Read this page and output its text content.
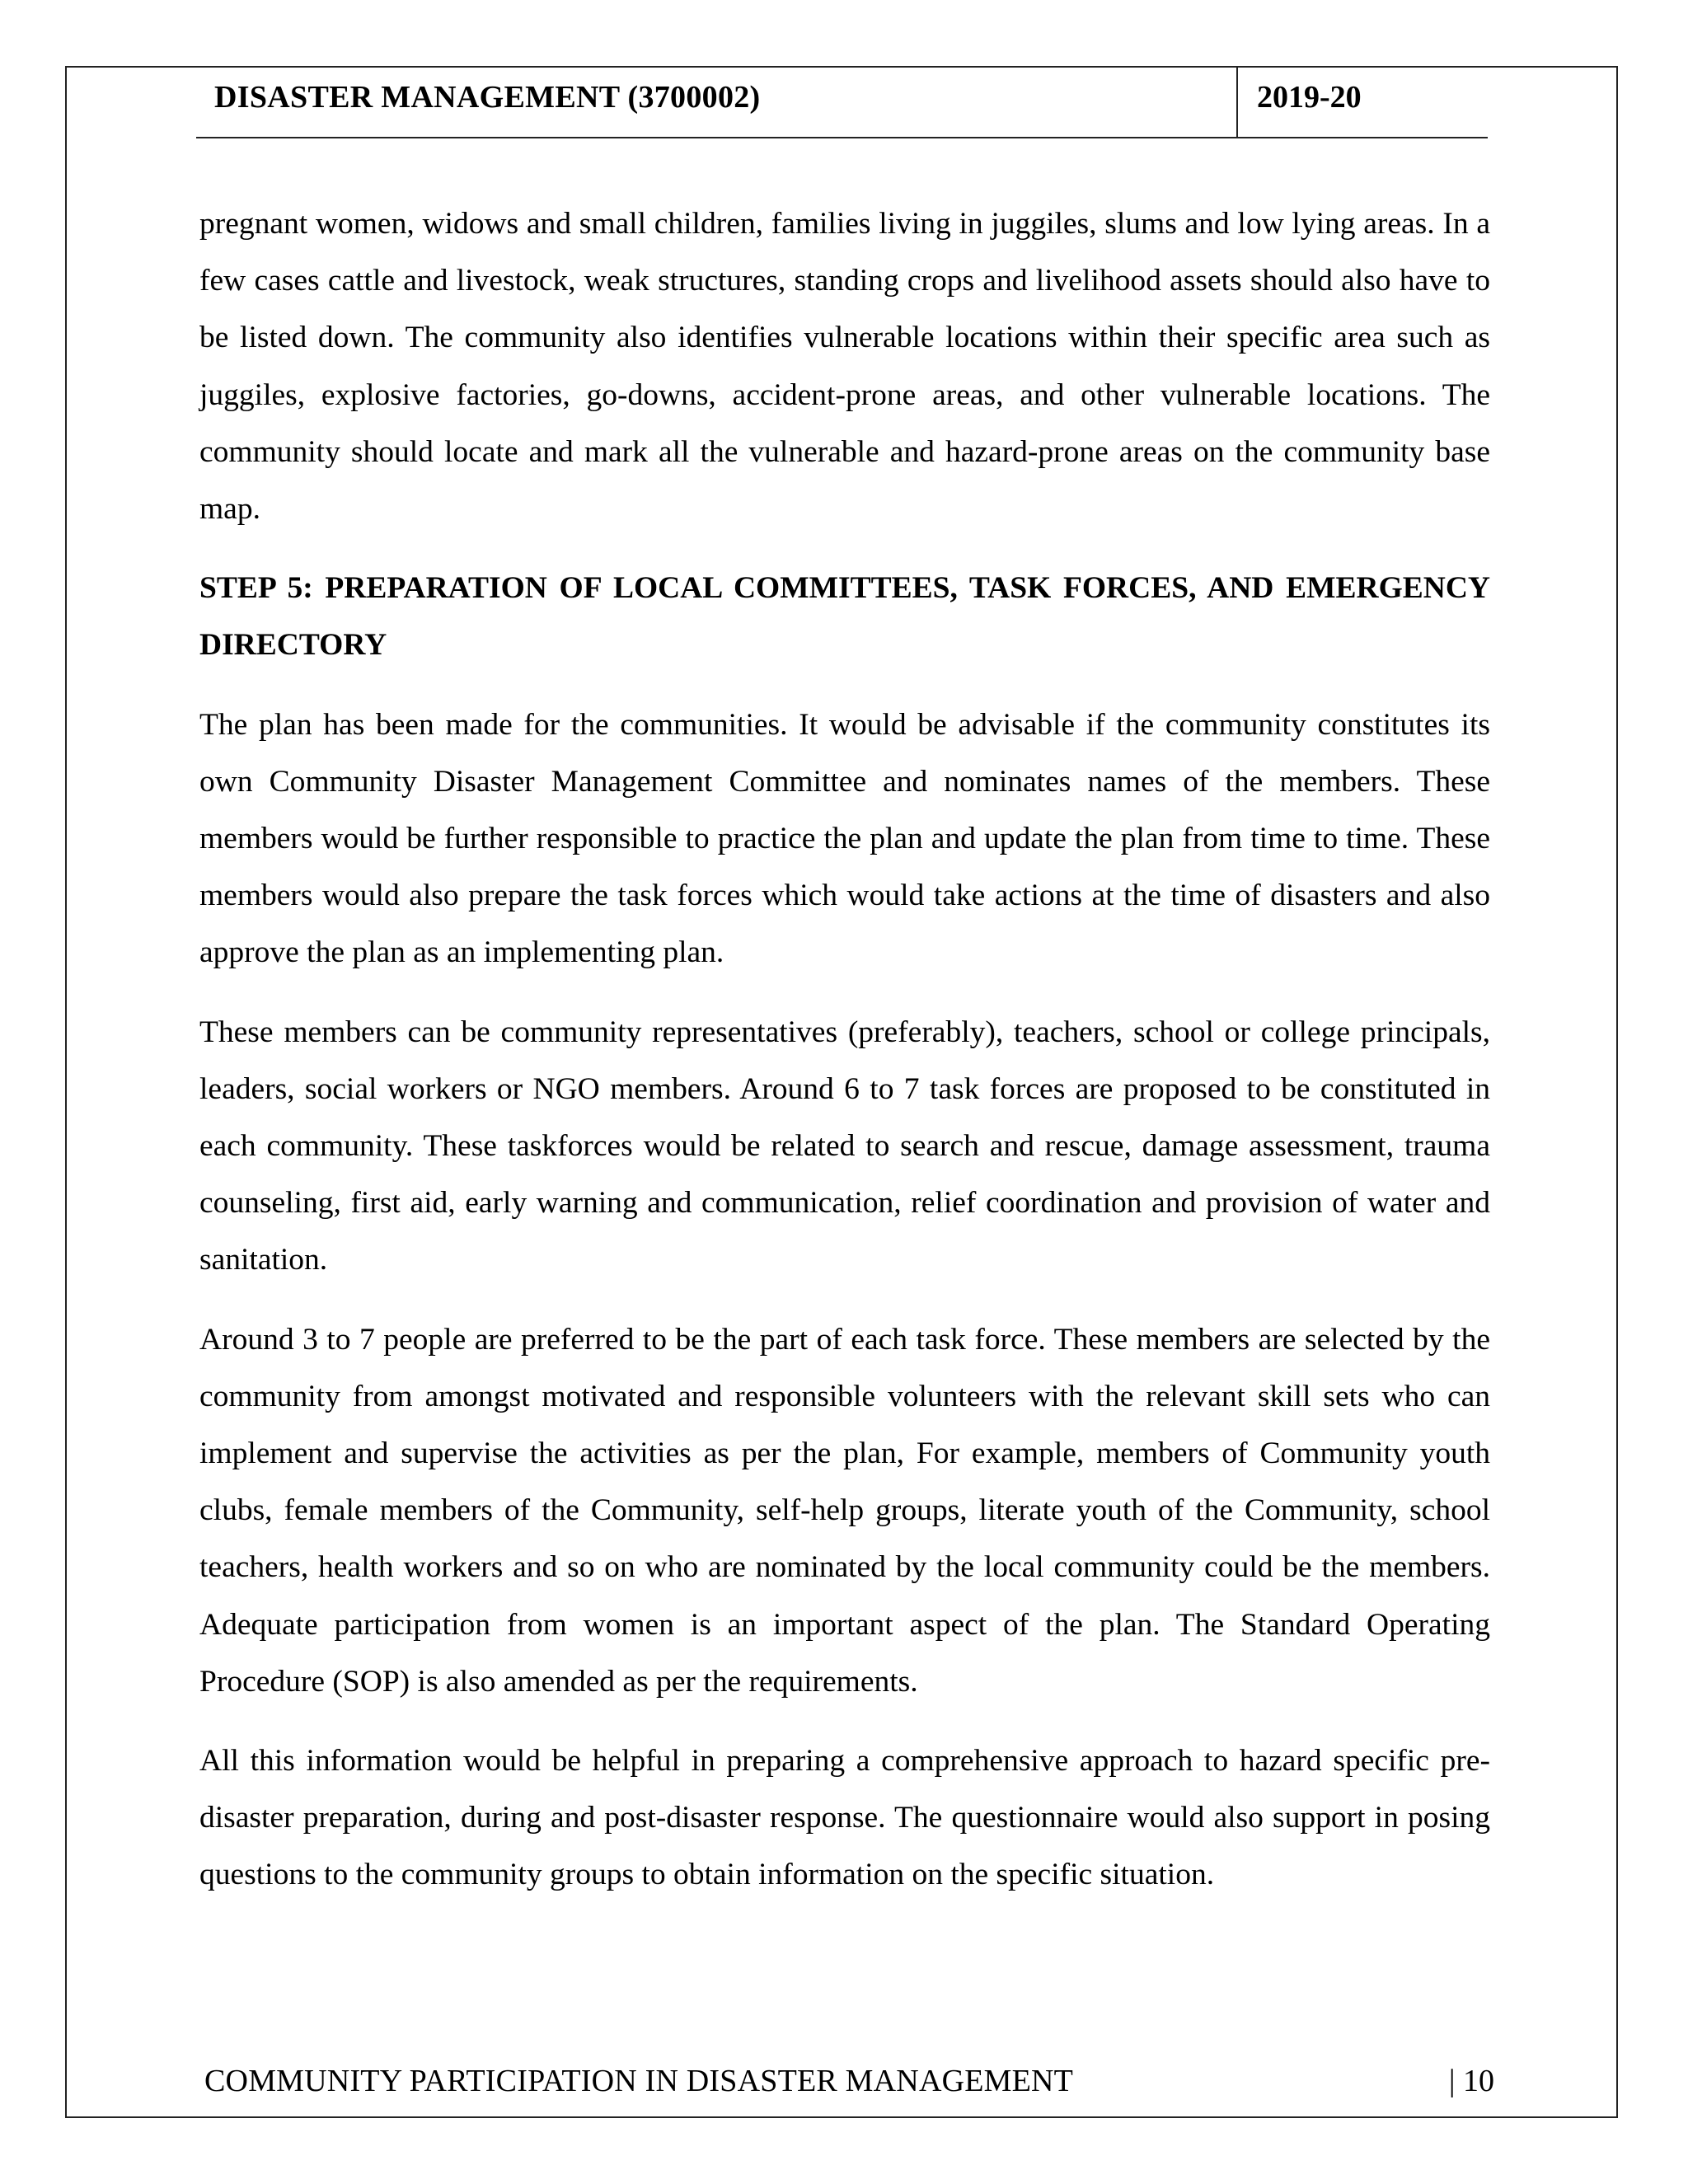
DISASTER MANAGEMENT (3700002)	2019-20

pregnant women, widows and small children, families living in juggiles, slums and low lying areas. In a few cases cattle and livestock, weak structures, standing crops and livelihood assets should also have to be listed down. The community also identifies vulnerable locations within their specific area such as juggiles, explosive factories, go-downs, accident-prone areas, and other vulnerable locations. The community should locate and mark all the vulnerable and hazard-prone areas on the community base map.

STEP 5: PREPARATION OF LOCAL COMMITTEES, TASK FORCES, AND EMERGENCY DIRECTORY

The plan has been made for the communities. It would be advisable if the community constitutes its own Community Disaster Management Committee and nominates names of the members. These members would be further responsible to practice the plan and update the plan from time to time. These members would also prepare the task forces which would take actions at the time of disasters and also approve the plan as an implementing plan.

These members can be community representatives (preferably), teachers, school or college principals, leaders, social workers or NGO members. Around 6 to 7 task forces are proposed to be constituted in each community. These taskforces would be related to search and rescue, damage assessment, trauma counseling, first aid, early warning and communication, relief coordination and provision of water and sanitation.

Around 3 to 7 people are preferred to be the part of each task force. These members are selected by the community from amongst motivated and responsible volunteers with the relevant skill sets who can implement and supervise the activities as per the plan, For example, members of Community youth clubs, female members of the Community, self-help groups, literate youth of the Community, school teachers, health workers and so on who are nominated by the local community could be the members. Adequate participation from women is an important aspect of the plan. The Standard Operating Procedure (SOP) is also amended as per the requirements.

All this information would be helpful in preparing a comprehensive approach to hazard specific pre-disaster preparation, during and post-disaster response. The questionnaire would also support in posing questions to the community groups to obtain information on the specific situation.

COMMUNITY PARTICIPATION IN DISASTER MANAGEMENT	| 10
